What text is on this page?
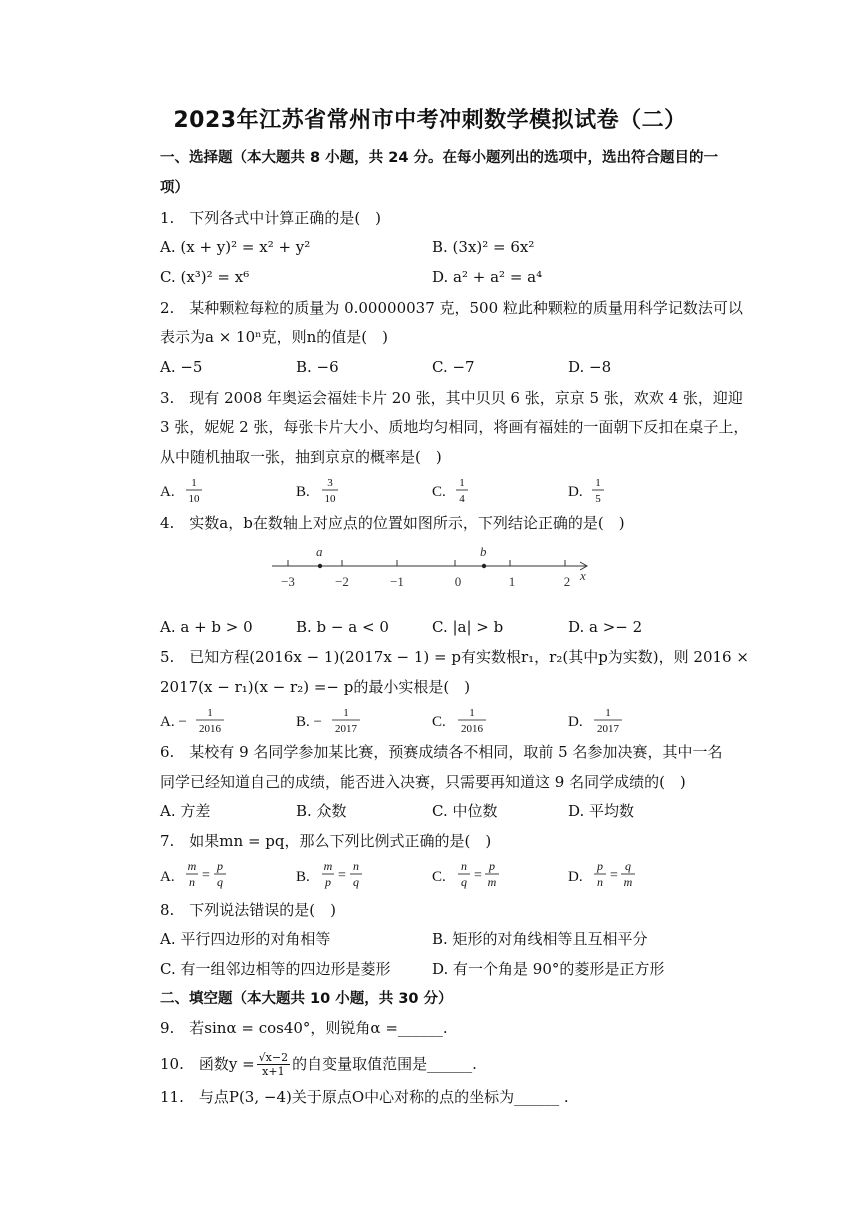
2023年江苏省常州市中考冲刺数学模拟试卷（二）
一、选择题（本大题共 8 小题，共 24 分。在每小题列出的选项中，选出符合题目的一
项）
1.　下列各式中计算正确的是(　)
A. (x + y)² = x² + y²	B. (3x)² = 6x²
C. (x³)² = x⁶	D. a² + a² = a⁴
2.　某种颗粒每粒的质量为 0.00000037 克，500 粒此种颗粒的质量用科学记数法可以
表示为a × 10ⁿ克，则n的值是(　)
A. −5	B. −6	C. −7	D. −8
3.　现有 2008 年奥运会福娃卡片 20 张，其中贝贝 6 张，京京 5 张，欢欢 4 张，迎迎
3 张，妮妮 2 张，每张卡片大小、质地均匀相同，将画有福娃的一面朝下反扣在桌子上，
从中随机抽取一张，抽到京京的概率是(　)
A.
1
10	B.
3
10	C.
1
4	D.
1
5
4.　实数a，b在数轴上对应点的位置如图所示，下列结论正确的是(　)
a	b
−3	−2	−1	0	1	2 x
A. a + b > 0	B. b − a < 0	C. |a| > b	D. a >− 2
5.　已知方程(2016x − 1)(2017x − 1) = p有实数根r₁，r₂(其中p为实数)，则 2016 ×
2017(x − r₁)(x − r₂) =− p的最小实根是(　)
A. −
1
2016	B. −
1
2017	C.
1
2016	D.
1
2017
6.　某校有 9 名同学参加某比赛，预赛成绩各不相同，取前 5 名参加决赛，其中一名
同学已经知道自己的成绩，能否进入决赛，只需要再知道这 9 名同学成绩的(　)
A. 方差	B. 众数	C. 中位数	D. 平均数
7.　如果mn = pq，那么下列比例式正确的是(　)
A.
m
n =
p
q	B.
m
p =
n
q	C.
n
q =
p
m	D.
p
n =
q
m
8.　下列说法错误的是(　)
A. 平行四边形的对角相等	B. 矩形的对角线相等且互相平分
C. 有一组邻边相等的四边形是菱形	D. 有一个角是 90°的菱形是正方形
二、填空题（本大题共 10 小题，共 30 分）
9.　若sinα = cos40°，则锐角α =______.
10.　函数$y = \frac{√x-2}{x+1}$ 的自变量取值范围是______.
11.　与点P(3, −4)关于原点O中心对称的点的坐标为______ .
